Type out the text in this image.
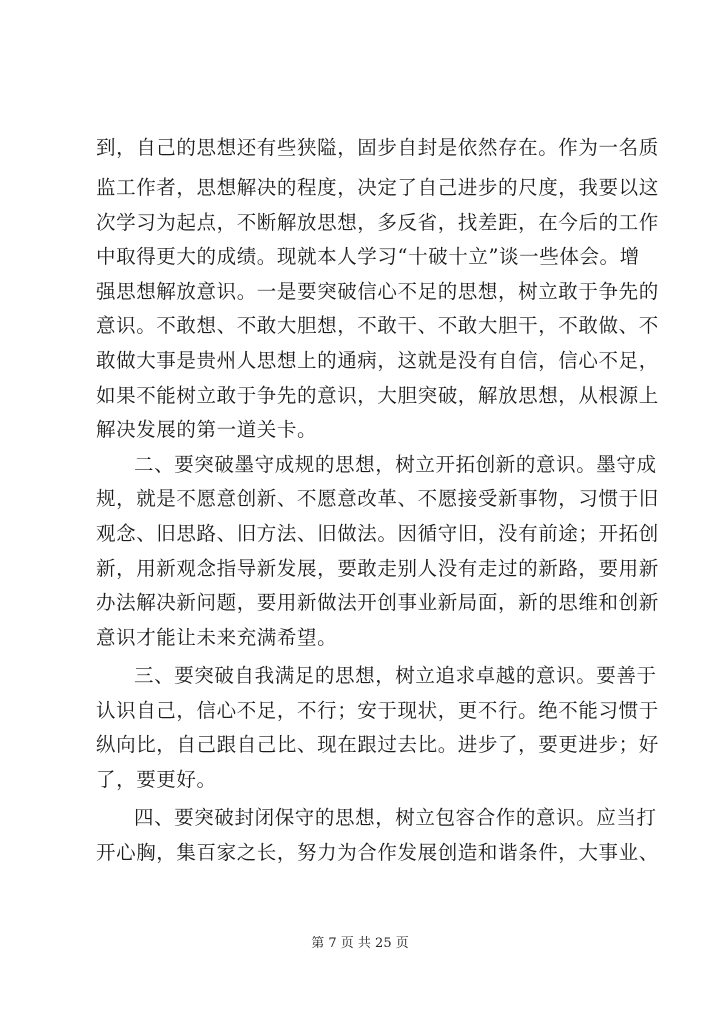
到，自己的思想还有些狭隘，固步自封是依然存在。作为一名质
监工作者，思想解决的程度，决定了自己进步的尺度，我要以这
次学习为起点，不断解放思想，多反省，找差距，在今后的工作
中取得更大的成绩。现就本人学习“十破十立”谈一些体会。增
强思想解放意识。一是要突破信心不足的思想，树立敢于争先的
意识。不敢想、不敢大胆想，不敢干、不敢大胆干，不敢做、不
敢做大事是贵州人思想上的通病，这就是没有自信，信心不足，
如果不能树立敢于争先的意识，大胆突破，解放思想，从根源上
解决发展的第一道关卡。
二、要突破墨守成规的思想，树立开拓创新的意识。墨守成
规，就是不愿意创新、不愿意改革、不愿接受新事物，习惯于旧
观念、旧思路、旧方法、旧做法。因循守旧，没有前途；开拓创
新，用新观念指导新发展，要敢走别人没有走过的新路，要用新
办法解决新问题，要用新做法开创事业新局面，新的思维和创新
意识才能让未来充满希望。
三、要突破自我满足的思想，树立追求卓越的意识。要善于
认识自己，信心不足，不行；安于现状，更不行。绝不能习惯于
纵向比，自己跟自己比、现在跟过去比。进步了，要更进步；好
了，要更好。
四、要突破封闭保守的思想，树立包容合作的意识。应当打
开心胸，集百家之长，努力为合作发展创造和谐条件，大事业、
第 7 页 共 25 页
